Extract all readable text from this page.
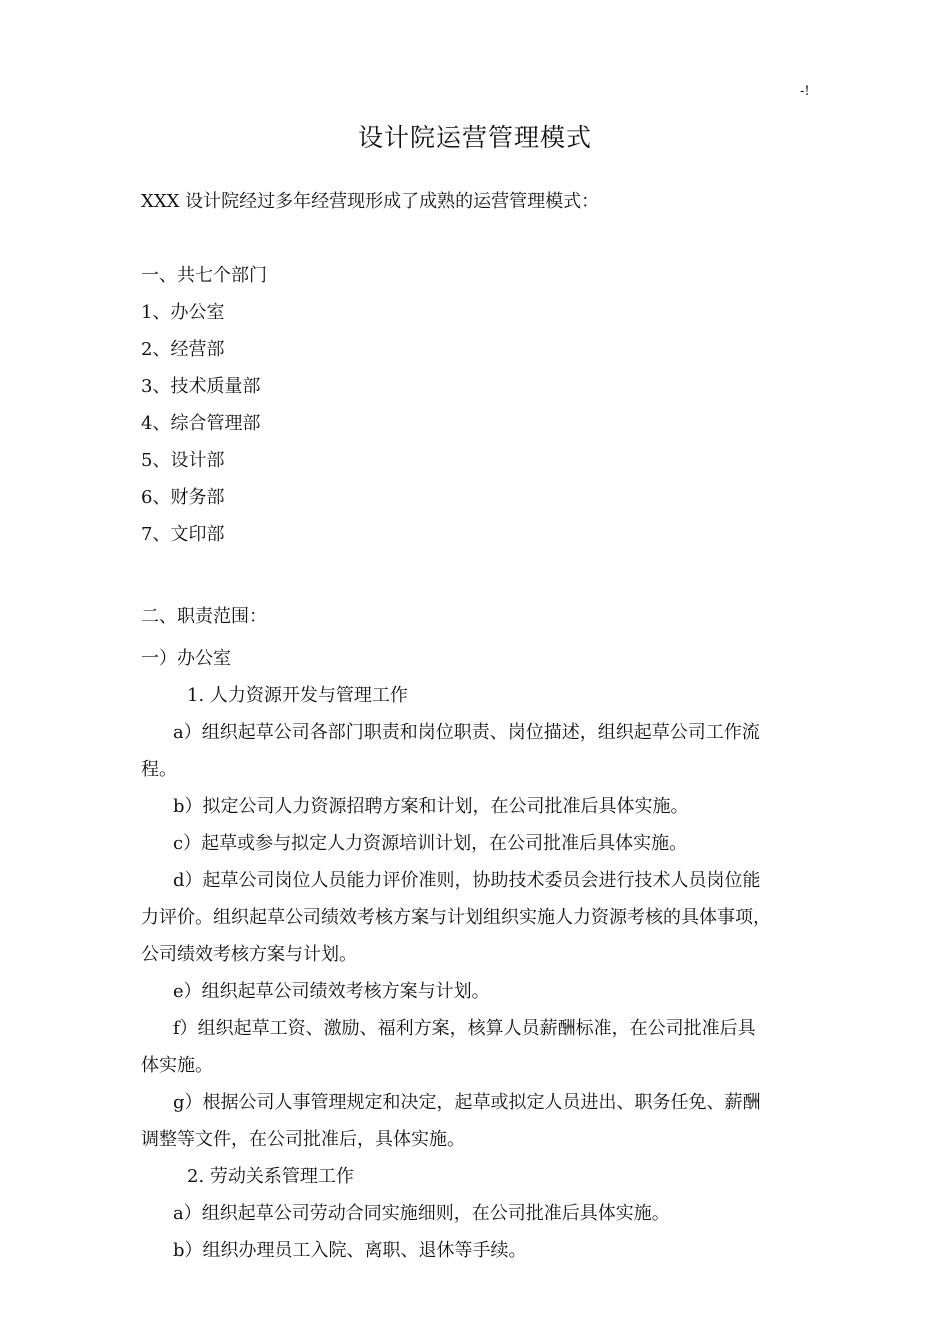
-!
设计院运营管理模式
XXX 设计院经过多年经营现形成了成熟的运营管理模式：
一、共七个部门
1、办公室
2、经营部
3、技术质量部
4、综合管理部
5、设计部
6、财务部
7、文印部
二、职责范围：
一）办公室
1. 人力资源开发与管理工作
a）组织起草公司各部门职责和岗位职责、岗位描述，组织起草公司工作流
程。
b）拟定公司人力资源招聘方案和计划，在公司批准后具体实施。
c）起草或参与拟定人力资源培训计划，在公司批准后具体实施。
d）起草公司岗位人员能力评价准则，协助技术委员会进行技术人员岗位能
力评价。组织起草公司绩效考核方案与计划组织实施人力资源考核的具体事项，
公司绩效考核方案与计划。
e）组织起草公司绩效考核方案与计划。
f）组织起草工资、激励、福利方案，核算人员薪酬标准，在公司批准后具
体实施。
g）根据公司人事管理规定和决定，起草或拟定人员进出、职务任免、薪酬
调整等文件，在公司批准后，具体实施。
2. 劳动关系管理工作
a）组织起草公司劳动合同实施细则，在公司批准后具体实施。
b）组织办理员工入院、离职、退休等手续。
